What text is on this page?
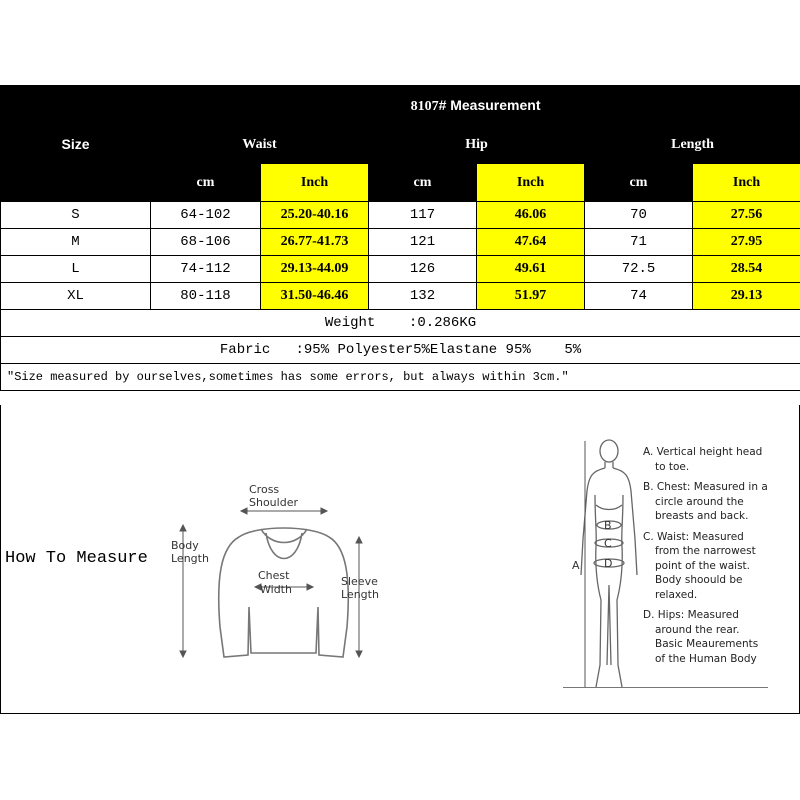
Size	8107# Measurement					
	Waist		Hip		Length	
	cm	Inch	cm	Inch	cm	Inch
S	64-102	25.20-40.16	117	46.06	70	27.56
M	68-106	26.77-41.73	121	47.64	71	27.95
L	74-112	29.13-44.09	126	49.61	72.5	28.54
XL	80-118	31.50-46.46	132	51.97	74	29.13
Weight    :0.286KG						
Fabric   :95% Polyester5%Elastane 95%    5%						
"Size measured by ourselves,sometimes has some errors, but always within 3cm."						
How To Measure
Cross
Shoulder
Body
Length
Chest
Width
Sleeve
Length
A
B
C
D
A. Vertical height head
to toe.
B. Chest: Measured in a
circle around the
breasts and back.
C. Waist: Measured
from the narrowest
point of the waist.
Body shoould be
relaxed.
D. Hips: Measured
around the rear.
Basic Meaurements
of the Human Body
